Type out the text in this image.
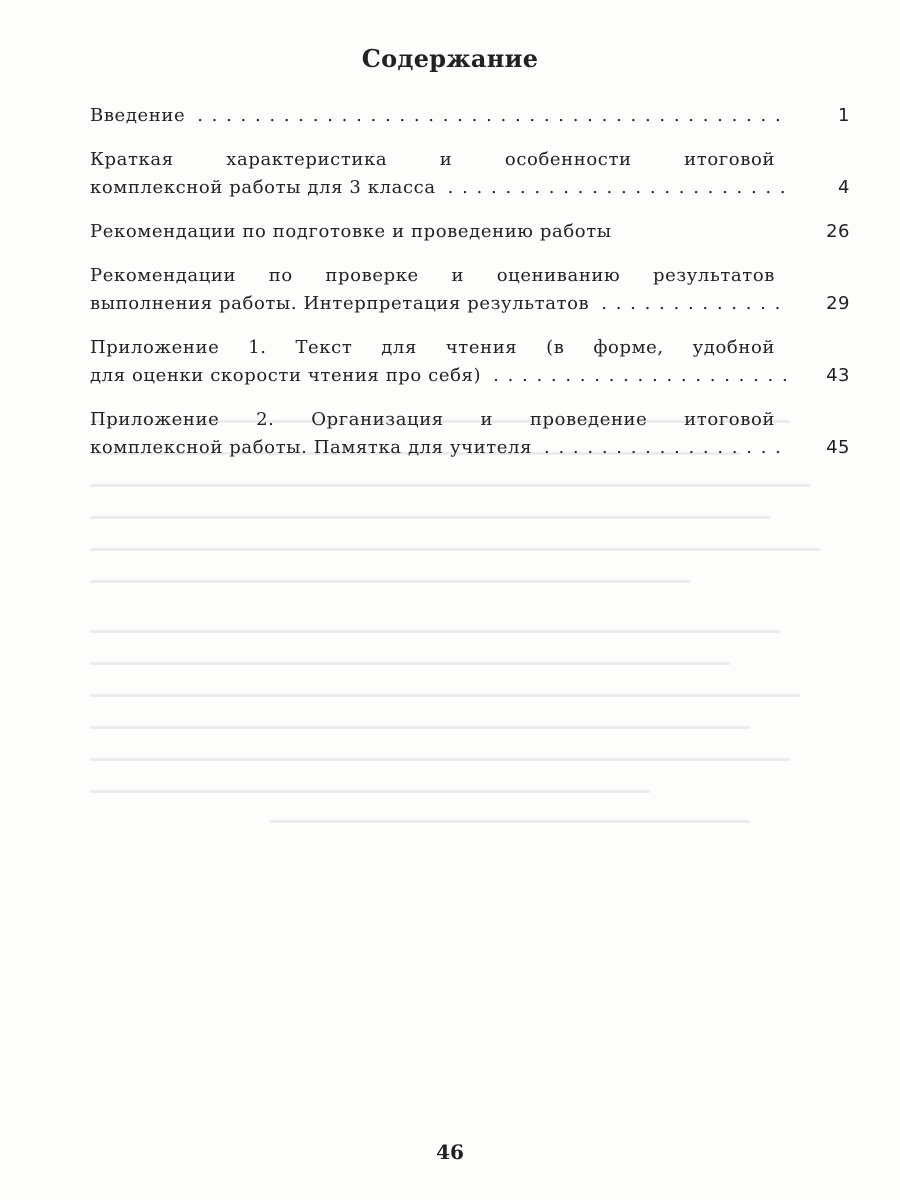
Содержание
Введение . . .	1
Краткая характеристика и особенности итоговой
комплексной работы для 3 класса . . .	4
Рекомендации по подготовке и проведению работы	26
Рекомендации по проверке и оцениванию результатов
выполнения работы. Интерпретация результатов . . .	29
Приложение 1. Текст для чтения (в форме, удобной
для оценки скорости чтения про себя) . . .	43
Приложение 2. Организация и проведение итоговой
комплексной работы. Памятка для учителя . . .	45
46
